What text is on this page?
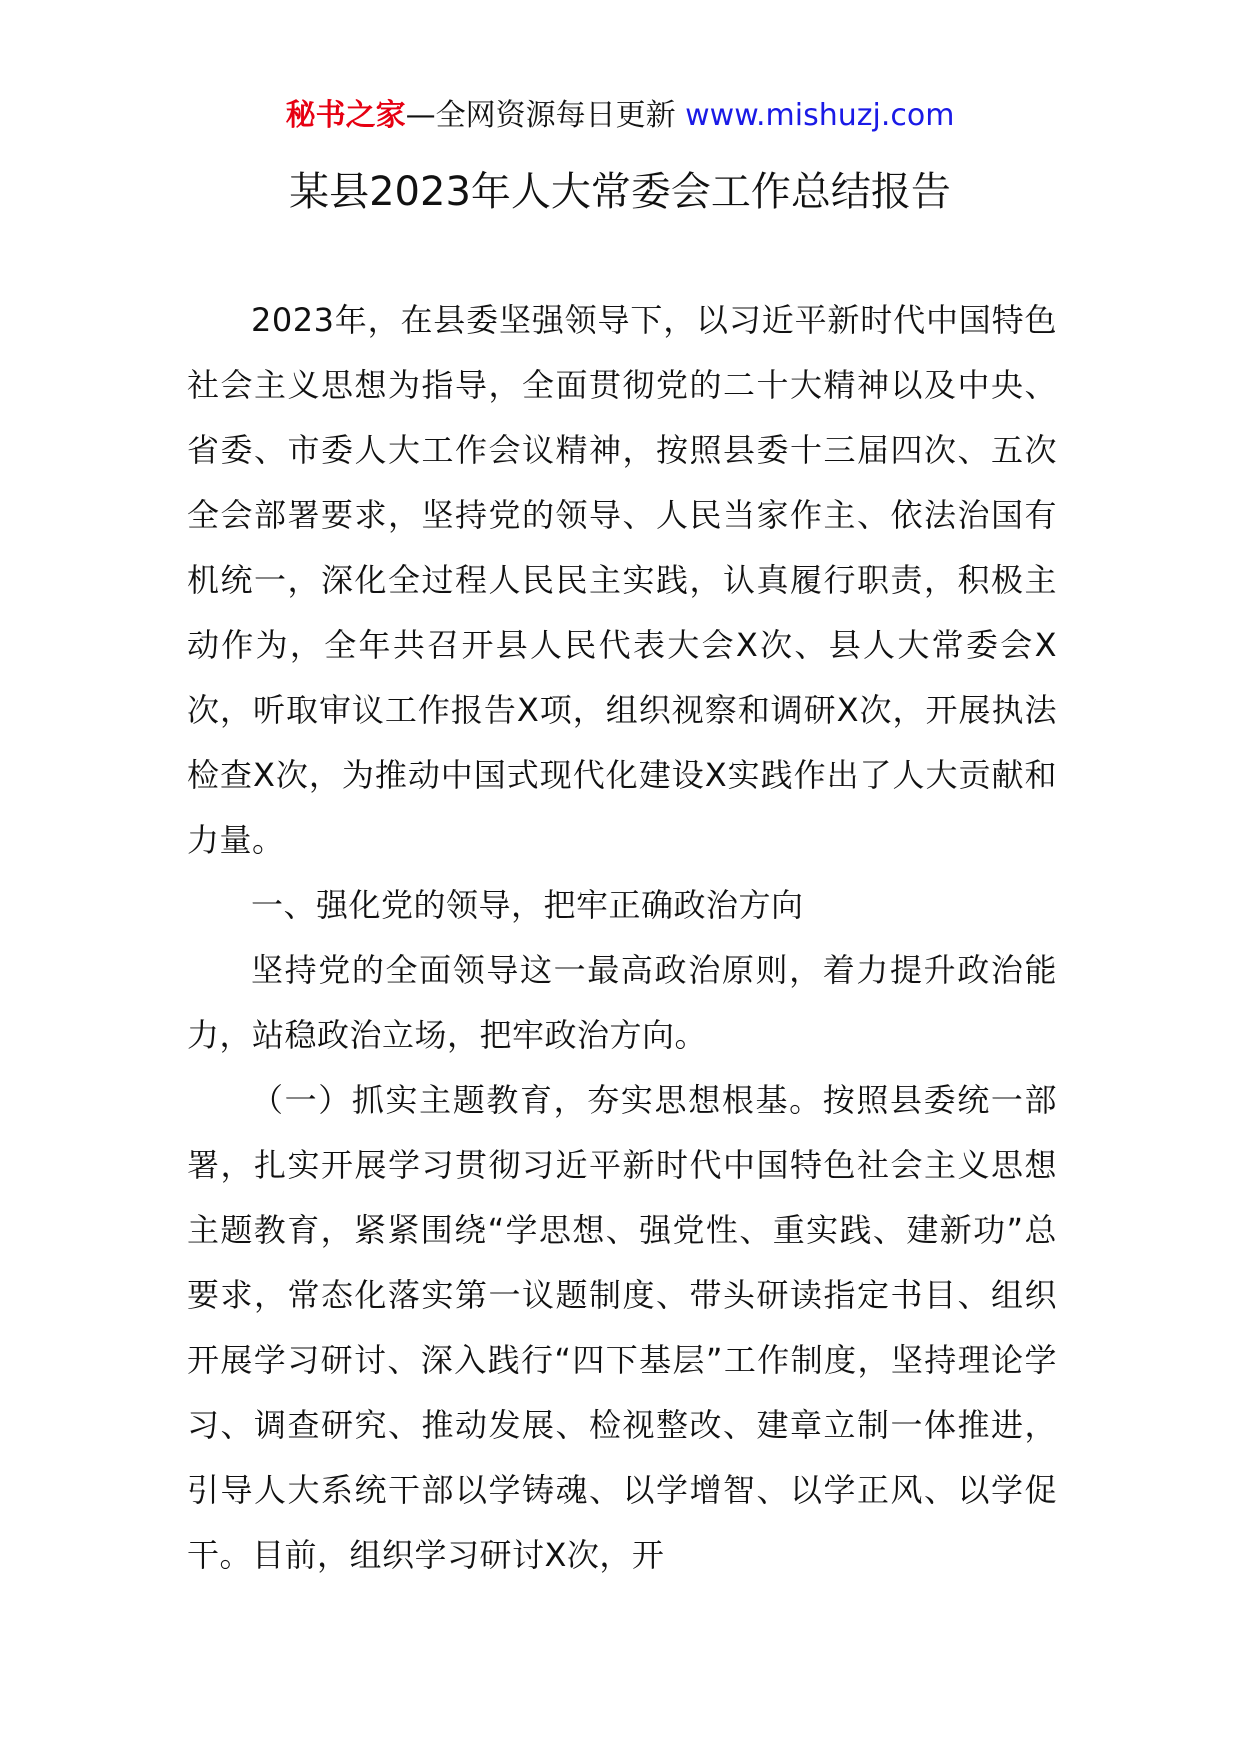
秘书之家—全网资源每日更新 www.mishuzj.com
某县2023年人大常委会工作总结报告

2023年，在县委坚强领导下，以习近平新时代中国特色社会主义思想为指导，全面贯彻党的二十大精神以及中央、省委、市委人大工作会议精神，按照县委十三届四次、五次全会部署要求，坚持党的领导、人民当家作主、依法治国有机统一，深化全过程人民民主实践，认真履行职责，积极主动作为，全年共召开县人民代表大会X次、县人大常委会X次，听取审议工作报告X项，组织视察和调研X次，开展执法检查X次，为推动中国式现代化建设X实践作出了人大贡献和力量。

一、强化党的领导，把牢正确政治方向

坚持党的全面领导这一最高政治原则，着力提升政治能力，站稳政治立场，把牢政治方向。

（一）抓实主题教育，夯实思想根基。按照县委统一部署，扎实开展学习贯彻习近平新时代中国特色社会主义思想主题教育，紧紧围绕“学思想、强党性、重实践、建新功”总要求，常态化落实第一议题制度、带头研读指定书目、组织开展学习研讨、深入践行“四下基层”工作制度，坚持理论学习、调查研究、推动发展、检视整改、建章立制一体推进，引导人大系统干部以学铸魂、以学增智、以学正风、以学促干。目前，组织学习研讨X次，开
